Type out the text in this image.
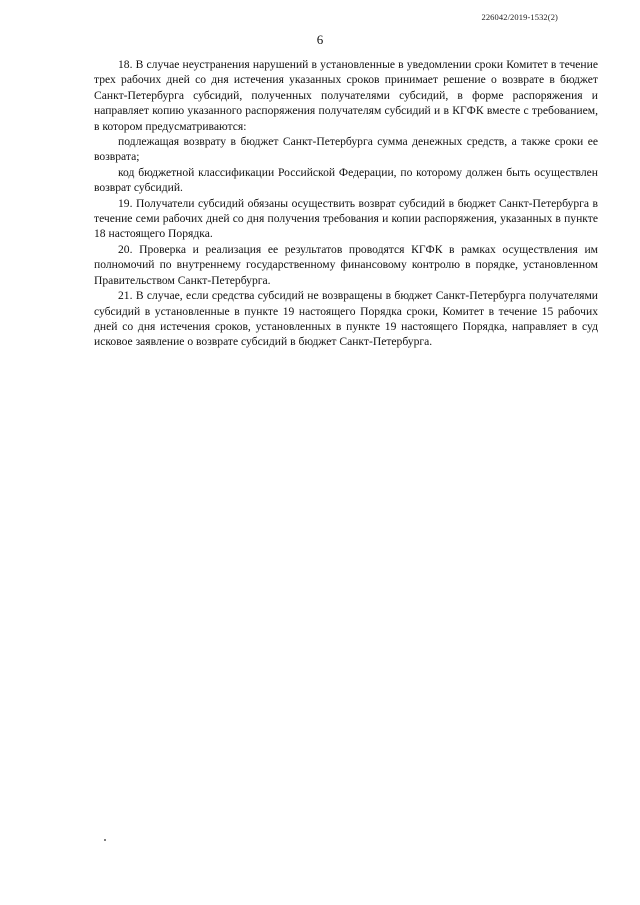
226042/2019-1532(2)
6

18. В случае неустранения нарушений в установленные в уведомлении сроки Комитет в течение трех рабочих дней со дня истечения указанных сроков принимает решение о возврате в бюджет Санкт-Петербурга субсидий, полученных получателями субсидий, в форме распоряжения и направляет копию указанного распоряжения получателям субсидий и в КГФК вместе с требованием, в котором предусматриваются:

подлежащая возврату в бюджет Санкт-Петербурга сумма денежных средств, а также сроки ее возврата;

код бюджетной классификации Российской Федерации, по которому должен быть осуществлен возврат субсидий.

19. Получатели субсидий обязаны осуществить возврат субсидий в бюджет Санкт-Петербурга в течение семи рабочих дней со дня получения требования и копии распоряжения, указанных в пункте 18 настоящего Порядка.

20. Проверка и реализация ее результатов проводятся КГФК в рамках осуществления им полномочий по внутреннему государственному финансовому контролю в порядке, установленном Правительством Санкт-Петербурга.

21. В случае, если средства субсидий не возвращены в бюджет Санкт-Петербурга получателями субсидий в установленные в пункте 19 настоящего Порядка сроки, Комитет в течение 15 рабочих дней со дня истечения сроков, установленных в пункте 19 настоящего Порядка, направляет в суд исковое заявление о возврате субсидий в бюджет Санкт-Петербурга.
